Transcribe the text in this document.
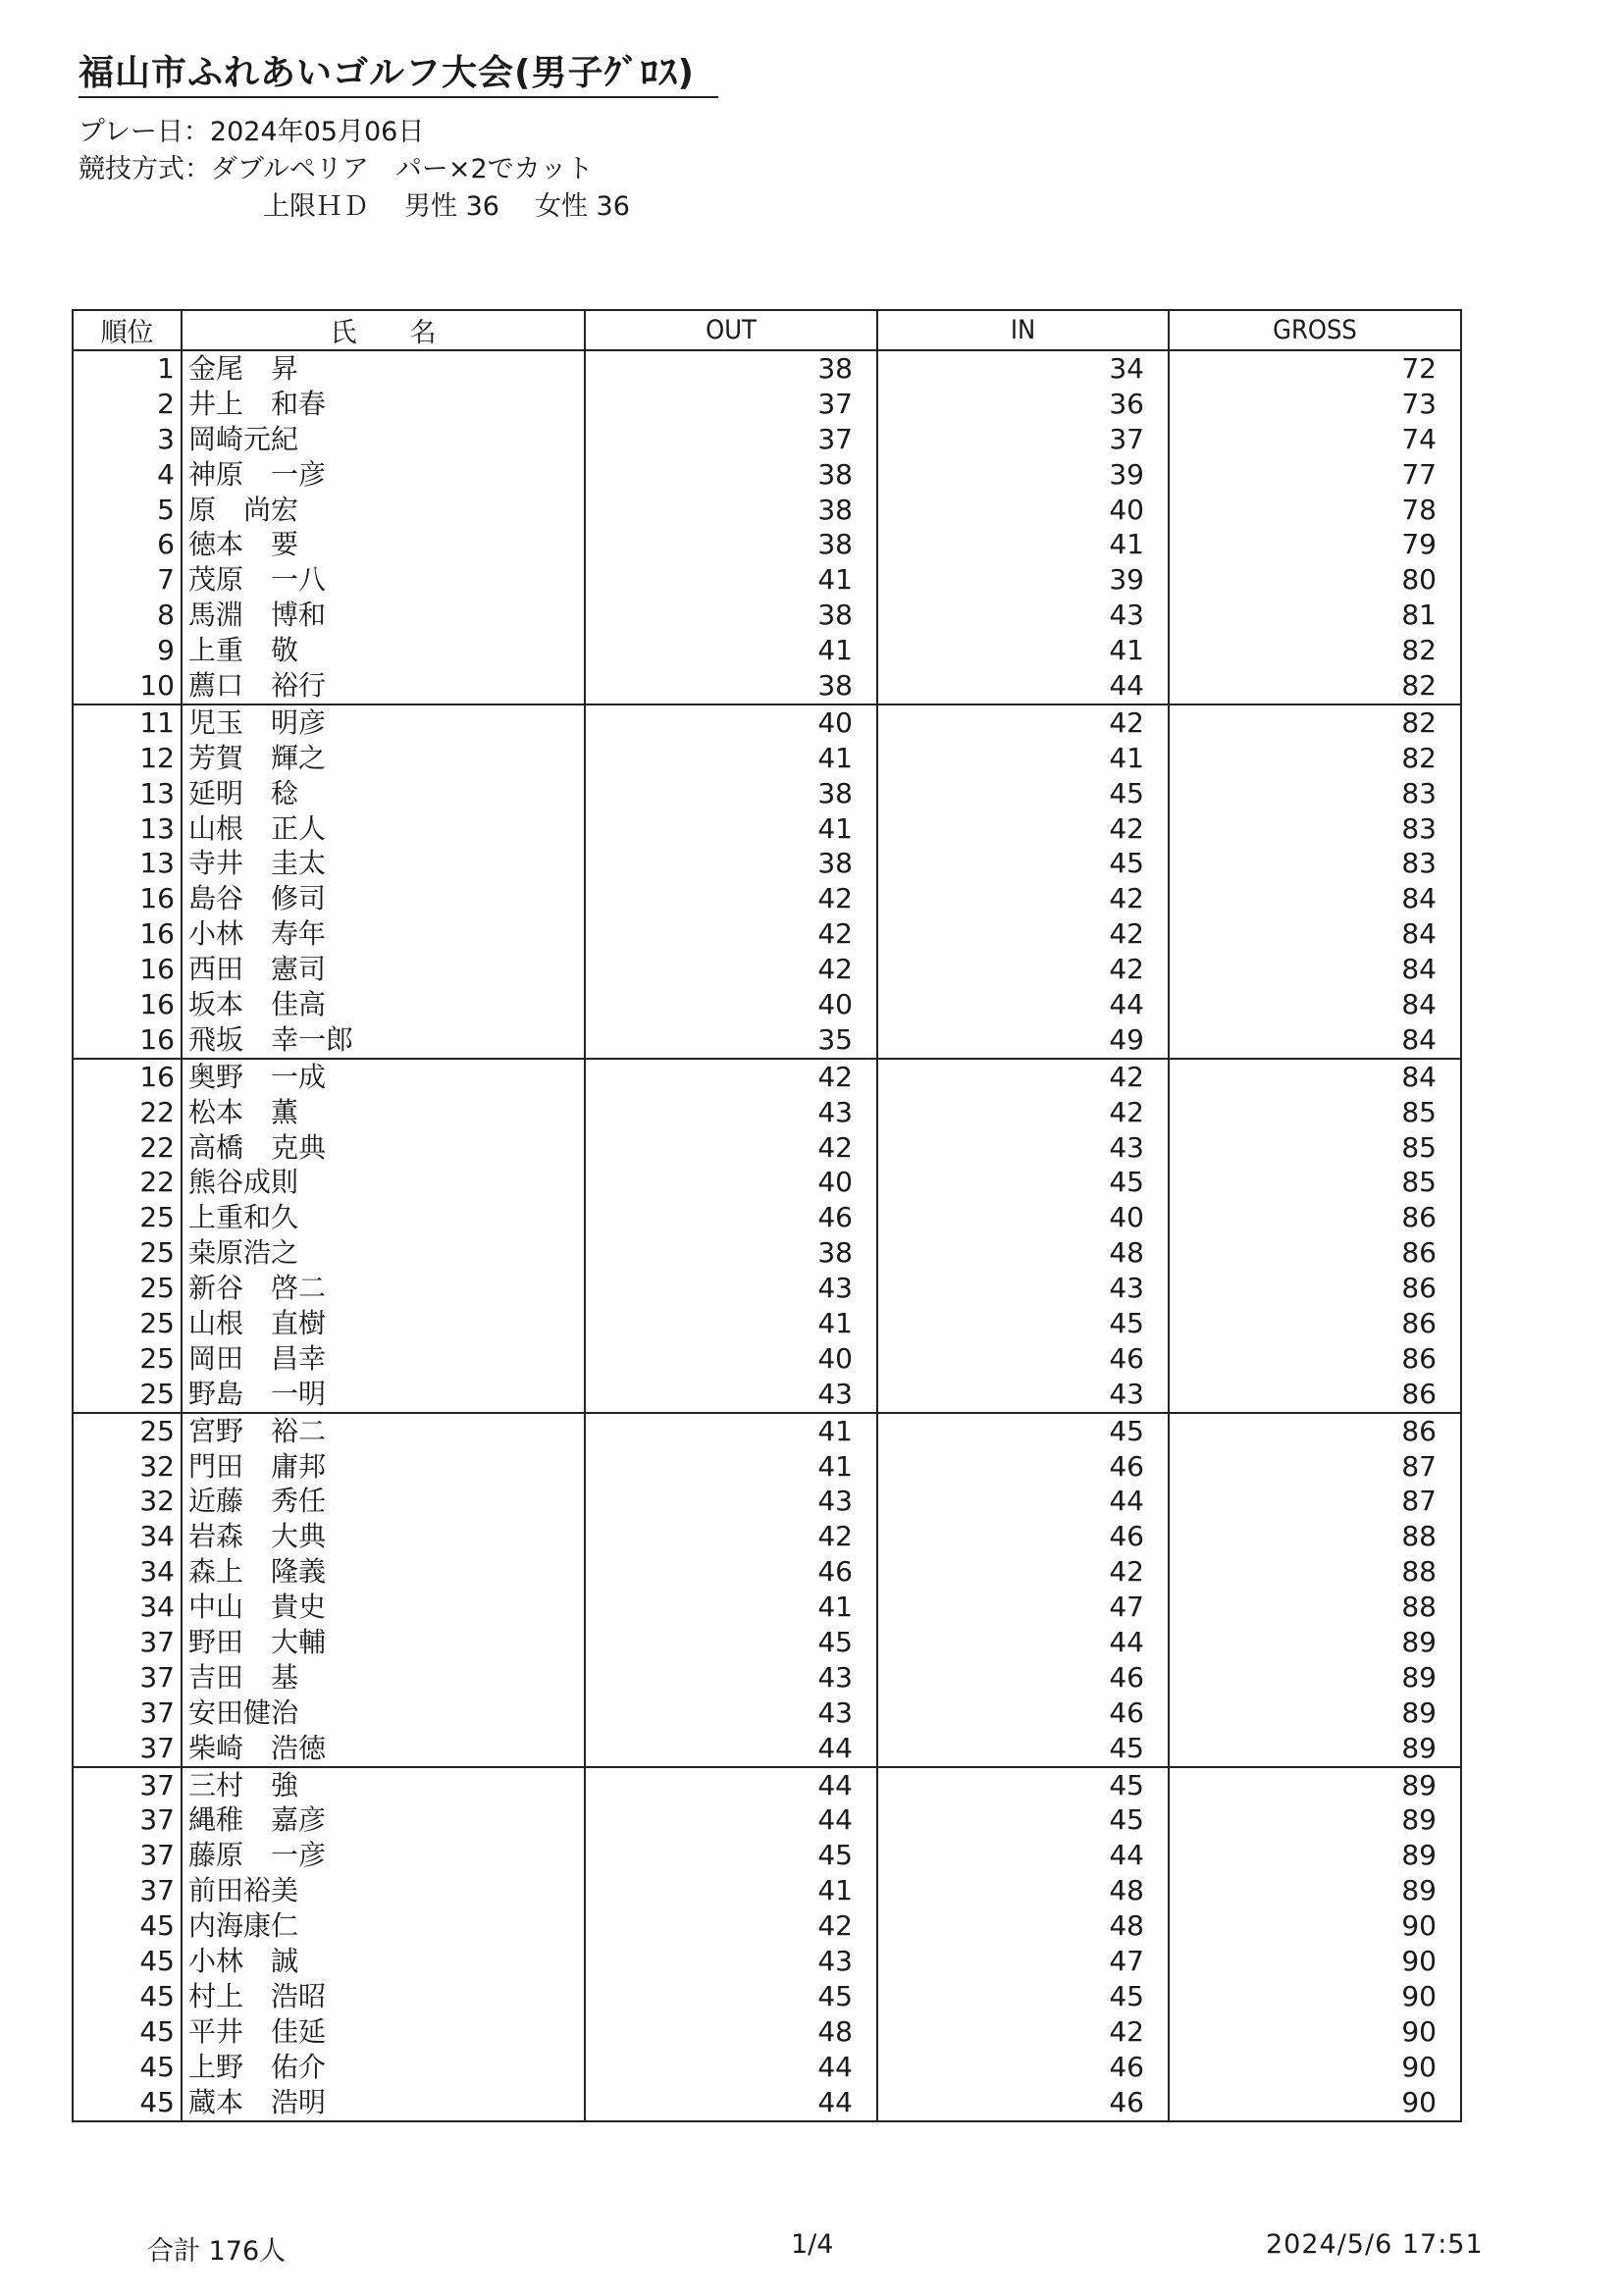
福山市ふれあいゴルフ大会(男子ｸﾞﾛｽ)
プレー日：2024年05月06日
競技方式：ダブルペリア　パー×2でカット
上限ＨＤ 男性 36 女性 36
順位	氏　　名	OUT	IN	GROSS
1	金尾　昇	38	34	72
2	井上　和春	37	36	73
3	岡崎元紀	37	37	74
4	神原　一彦	38	39	77
5	原　尚宏	38	40	78
6	徳本　要	38	41	79
7	茂原　一八	41	39	80
8	馬淵　博和	38	43	81
9	上重　敬	41	41	82
10	薦口　裕行	38	44	82
11	児玉　明彦	40	42	82
12	芳賀　輝之	41	41	82
13	延明　稔	38	45	83
13	山根　正人	41	42	83
13	寺井　圭太	38	45	83
16	島谷　修司	42	42	84
16	小林　寿年	42	42	84
16	西田　憲司	42	42	84
16	坂本　佳高	40	44	84
16	飛坂　幸一郎	35	49	84
16	奥野　一成	42	42	84
22	松本　薫	43	42	85
22	高橋　克典	42	43	85
22	熊谷成則	40	45	85
25	上重和久	46	40	86
25	桒原浩之	38	48	86
25	新谷　啓二	43	43	86
25	山根　直樹	41	45	86
25	岡田　昌幸	40	46	86
25	野島　一明	43	43	86
25	宮野　裕二	41	45	86
32	門田　庸邦	41	46	87
32	近藤　秀任	43	44	87
34	岩森　大典	42	46	88
34	森上　隆義	46	42	88
34	中山　貴史	41	47	88
37	野田　大輔	45	44	89
37	吉田　基	43	46	89
37	安田健治	43	46	89
37	柴崎　浩徳	44	45	89
37	三村　強	44	45	89
37	縄稚　嘉彦	44	45	89
37	藤原　一彦	45	44	89
37	前田裕美	41	48	89
45	内海康仁	42	48	90
45	小林　誠	43	47	90
45	村上　浩昭	45	45	90
45	平井　佳延	48	42	90
45	上野　佑介	44	46	90
45	蔵本　浩明	44	46	90
合計 176人	1/4	2024/5/6 17:51
